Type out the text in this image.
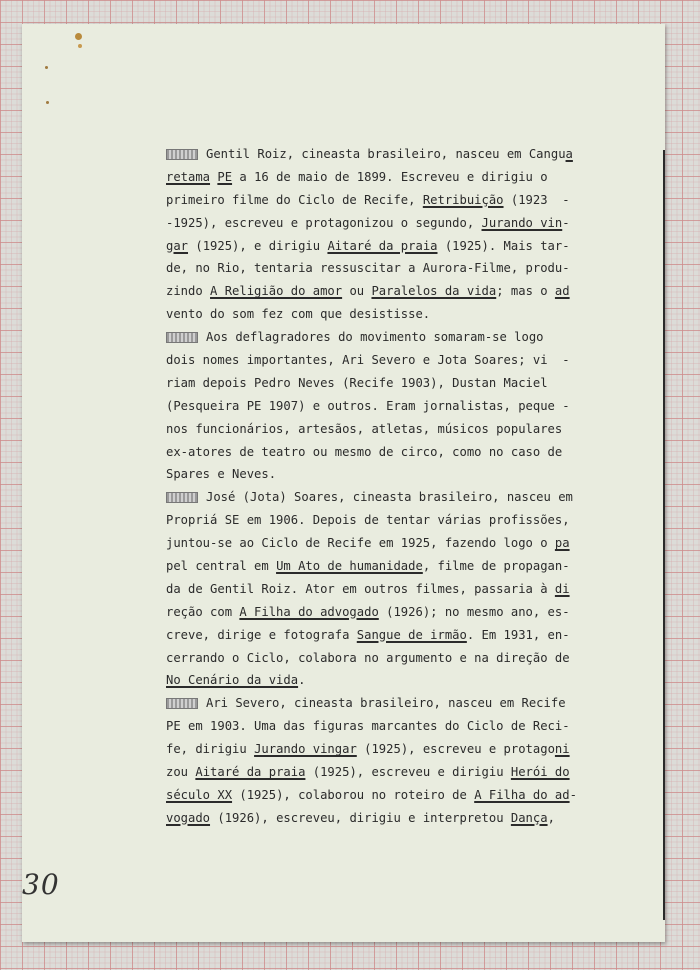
30
Gentil Roiz, cineasta brasileiro, nasceu em Cangua
retama PE a 16 de maio de 1899. Escreveu e dirigiu o
primeiro filme do Ciclo de Recife, Retribuição (1923  -
-1925), escreveu e protagonizou o segundo, Jurando vin-
gar (1925), e dirigiu Aitaré da praia (1925). Mais tar-
de, no Rio, tentaria ressuscitar a Aurora-Filme, produ-
zindo A Religião do amor ou Paralelos da vida; mas o ad
vento do som fez com que desistisse.
Aos deflagradores do movimento somaram-se logo
dois nomes importantes, Ari Severo e Jota Soares; vi  -
riam depois Pedro Neves (Recife 1903), Dustan Maciel
(Pesqueira PE 1907) e outros. Eram jornalistas, peque -
nos funcionários, artesãos, atletas, músicos populares
ex-atores de teatro ou mesmo de circo, como no caso de
Spares e Neves.
José (Jota) Soares, cineasta brasileiro, nasceu em
Propriá SE em 1906. Depois de tentar várias profissões,
juntou-se ao Ciclo de Recife em 1925, fazendo logo o pa
pel central em Um Ato de humanidade, filme de propagan-
da de Gentil Roiz. Ator em outros filmes, passaria à di
reção com A Filha do advogado (1926); no mesmo ano, es-
creve, dirige e fotografa Sangue de irmão. Em 1931, en-
cerrando o Ciclo, colabora no argumento e na direção de
No Cenário da vida.
Ari Severo, cineasta brasileiro, nasceu em Recife
PE em 1903. Uma das figuras marcantes do Ciclo de Reci-
fe, dirigiu Jurando vingar (1925), escreveu e protagoni
zou Aitaré da praia (1925), escreveu e dirigiu Herói do
século XX (1925), colaborou no roteiro de A Filha do ad-
vogado (1926), escreveu, dirigiu e interpretou Dança,
